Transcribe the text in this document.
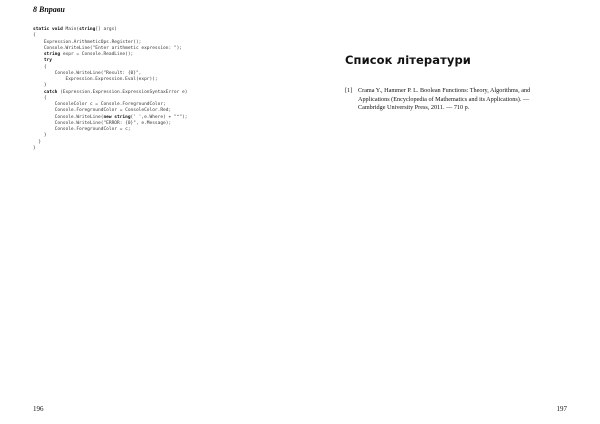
8 Вправи
static void Main(string[] args)
{
Expression.ArithmeticOps.Register();
Console.WriteLine("Enter arithmetic expression: ");
string expr = Console.ReadLine();
try
{
Console.WriteLine("Result: {0}",
Expression.Expression.Eval(expr));
}
catch (Expression.Expression.ExpressionSyntaxError e)
{
ConsoleColor c = Console.ForegroundColor;
Console.ForegroundColor = ConsoleColor.Red;
Console.WriteLine(new string(' ',e.Where) + "^");
Console.WriteLine("ERROR: {0}", e.Message);
Console.ForegroundColor = c;
}
}
}
196
Список літератури
[1] Crama Y., Hammer P. L. Boolean Functions: Theory, Algorithms, and
Applications (Encyclopedia of Mathematics and its Applications). —
Cambridge University Press, 2011. — 710 p.
197
